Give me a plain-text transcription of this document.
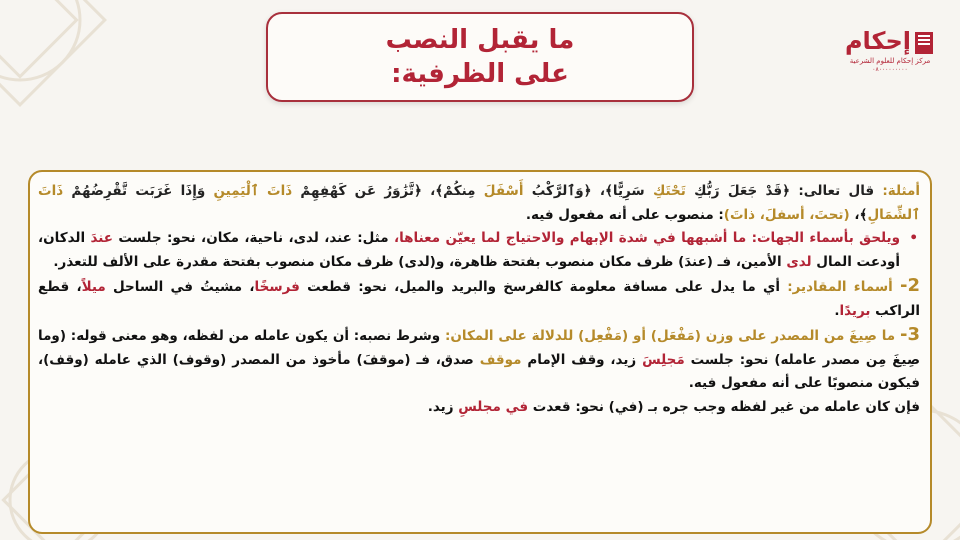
ما يقبل النصب
على الظرفية:
إحكام
مركز إحكام للعلوم الشرعية
٠٨٠٠٠٠٠٠٠٠٠

أمثلة: قال تعالى: ﴿قَدْ جَعَلَ رَبُّكِ تَحْتَكِ سَرِيًّا﴾، ﴿وَٱلرَّكْبُ أَسْفَلَ مِنكُمْ﴾، ﴿تَّزَٰوَرُ عَن كَهْفِهِمْ ذَاتَ ٱلْيَمِينِ وَإِذَا غَرَبَت تَّقْرِضُهُمْ ذَاتَ ٱلشِّمَالِ﴾، (تحتَ، أسفلَ، ذاتَ): منصوب على أنه مفعول فيه.

• ويلحق بأسماء الجهات: ما أشبهها في شدة الإبهام والاحتياج لما يعيّن معناها، مثل: عند، لدى، ناحية، مكان، نحو: جلست عندَ الدكان، أودعت المال لدى الأمين، فـ (عندَ) ظرف مكان منصوب بفتحة ظاهرة، و(لدى) ظرف مكان منصوب بفتحة مقدرة على الألف للتعذر.

2- أسماء المقادير: أي ما يدل على مسافة معلومة كالفرسخ والبريد والميل، نحو: قطعت فرسخًا، مشيتُ في الساحل ميلاً، قطع الراكب بريدًا.

3- ما صِيغَ من المصدر على وزن (مَفْعَل) أو (مَفْعِل) للدلالة على المكان: وشرط نصبه: أن يكون عامله من لفظه، وهو معنى قوله: (وما صِيغَ مِن مصدر عامله) نحو: جلست مَجلِسَ زيد، وقف الإمام موقف صدق، فـ (موقفَ) مأخوذ من المصدر (وقوف) الذي عامله (وقف)، فيكون منصوبًا على أنه مفعول فيه.

فإن كان عامله من غير لفظه وجب جره بـ (في) نحو: قعدت في مجلسِ زيد.
